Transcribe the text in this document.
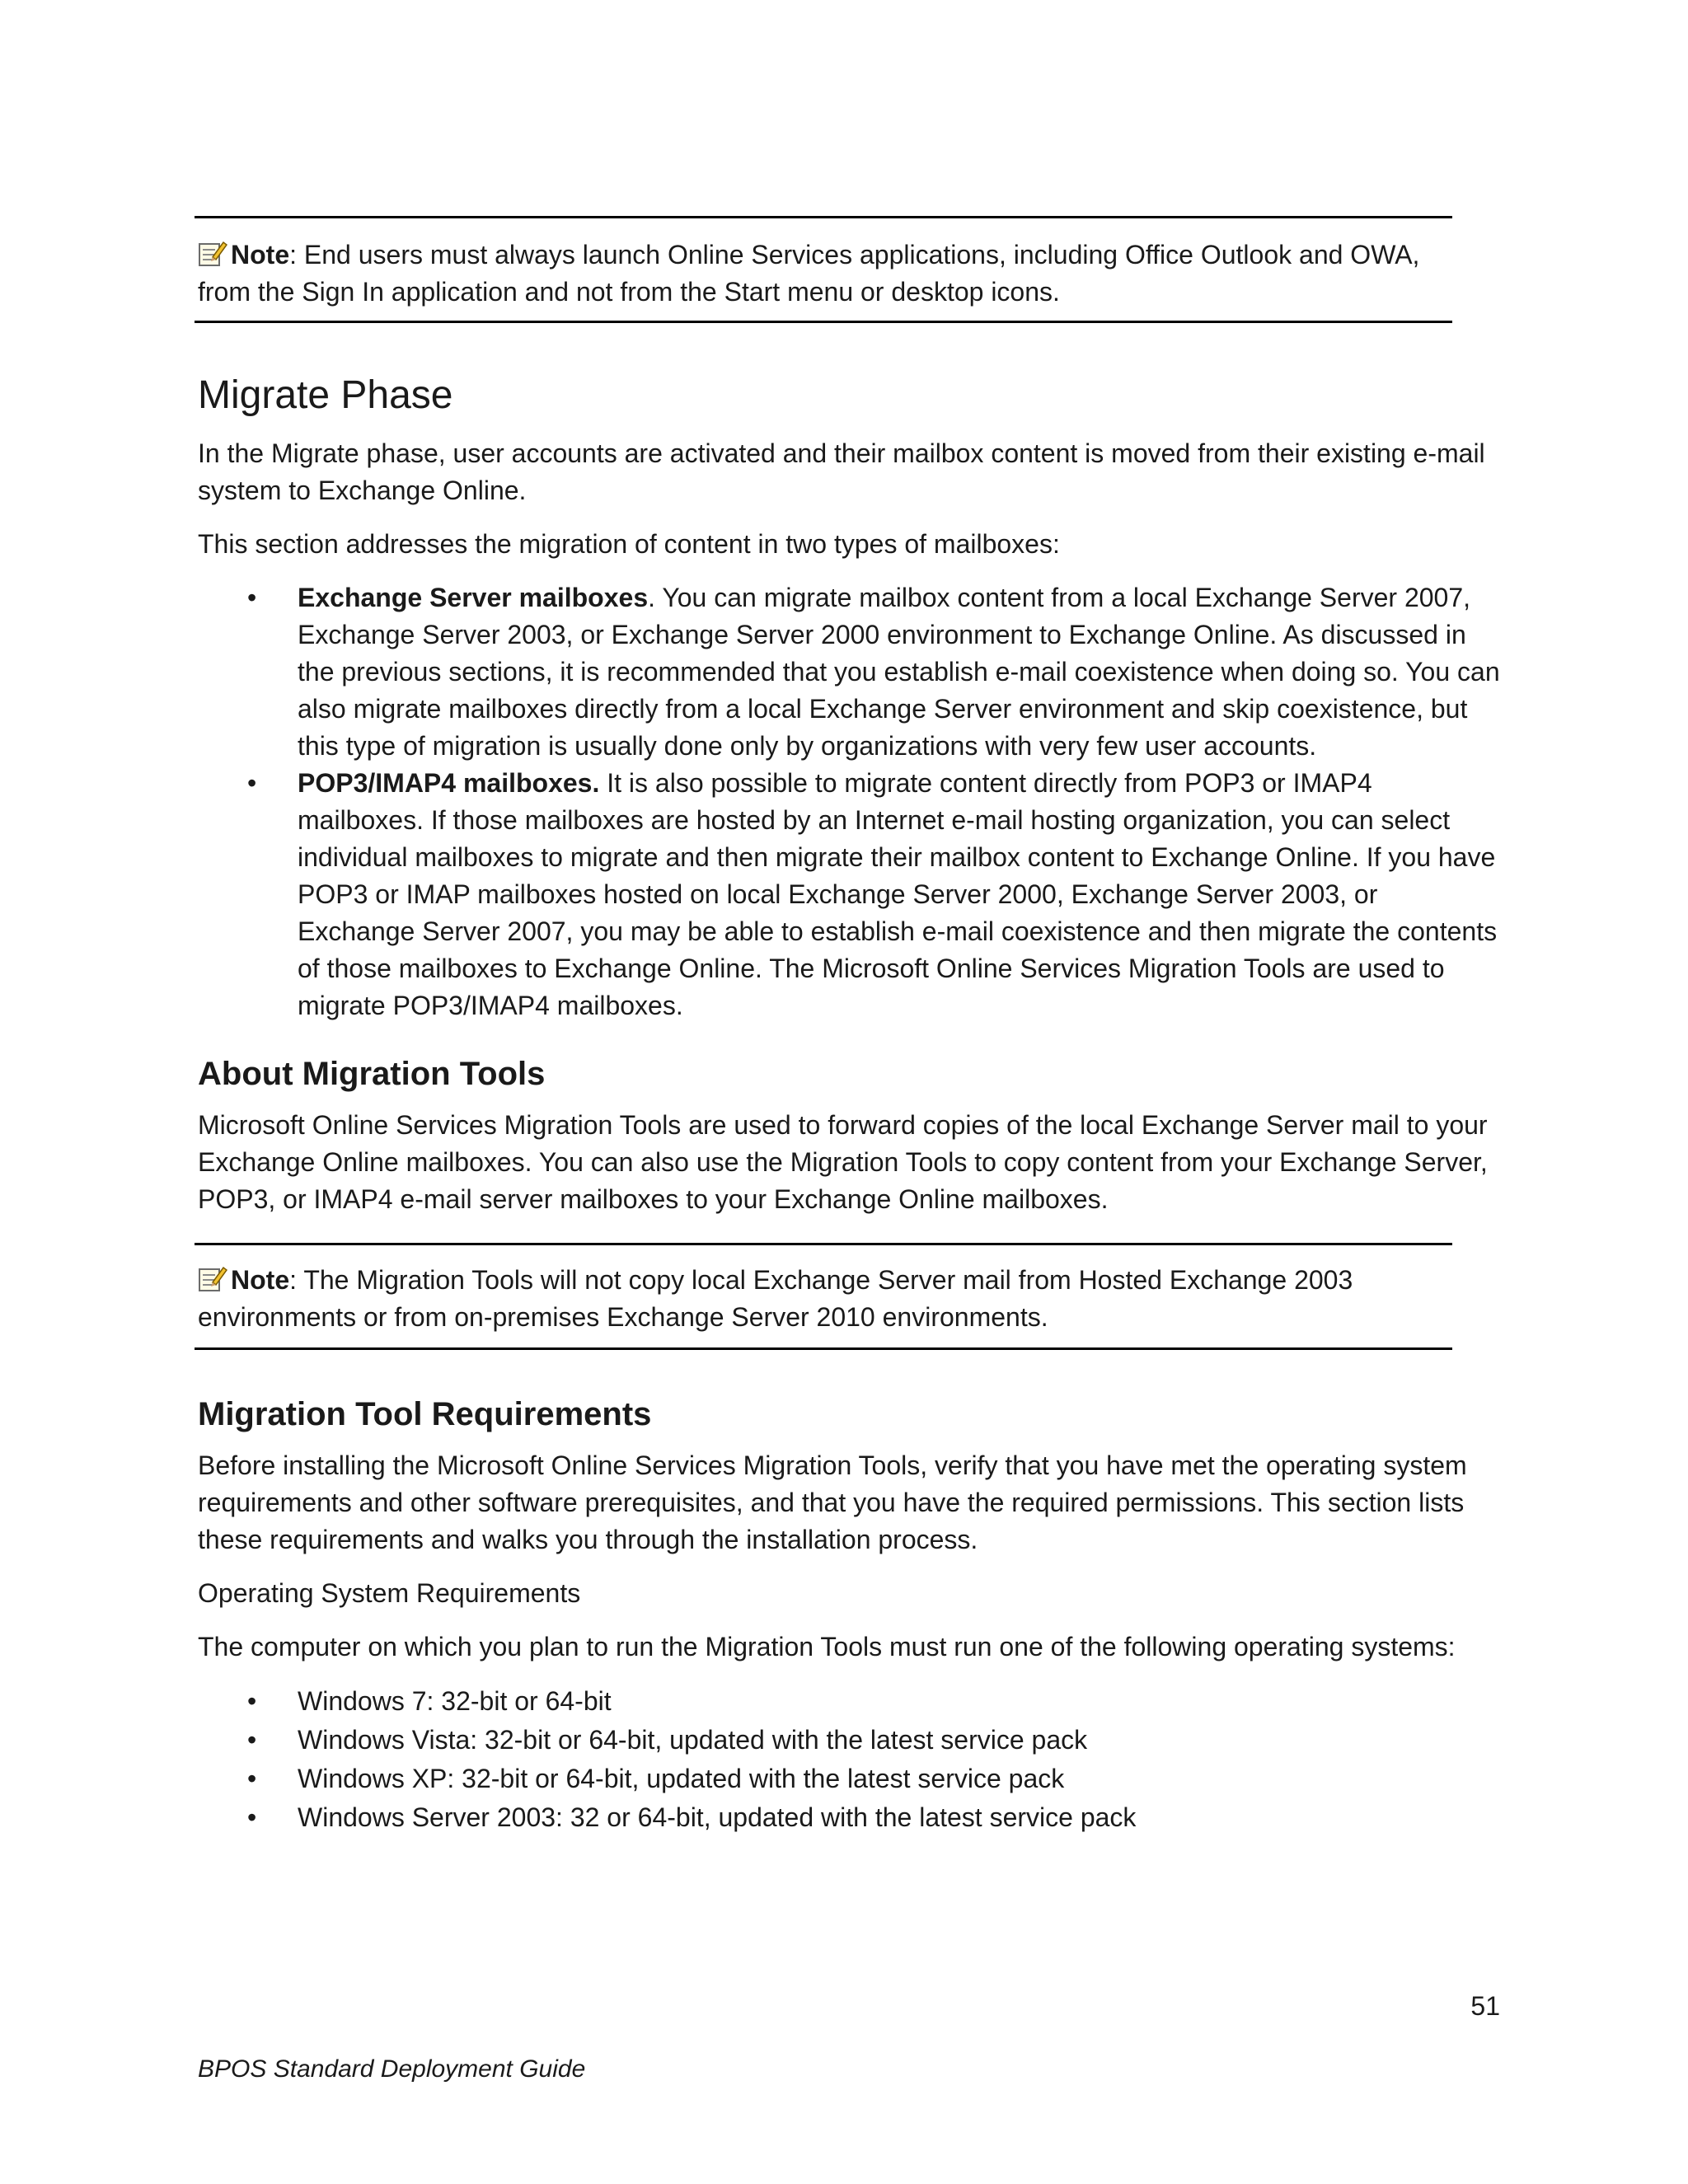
Note: End users must always launch Online Services applications, including Office Outlook and OWA, from the Sign In application and not from the Start menu or desktop icons.
Migrate Phase

In the Migrate phase, user accounts are activated and their mailbox content is moved from their existing e-mail system to Exchange Online.

This section addresses the migration of content in two types of mailboxes:

• Exchange Server mailboxes. You can migrate mailbox content from a local Exchange Server 2007, Exchange Server 2003, or Exchange Server 2000 environment to Exchange Online. As discussed in the previous sections, it is recommended that you establish e-mail coexistence when doing so. You can also migrate mailboxes directly from a local Exchange Server environment and skip coexistence, but this type of migration is usually done only by organizations with very few user accounts.
• POP3/IMAP4 mailboxes. It is also possible to migrate content directly from POP3 or IMAP4 mailboxes. If those mailboxes are hosted by an Internet e-mail hosting organization, you can select individual mailboxes to migrate and then migrate their mailbox content to Exchange Online. If you have POP3 or IMAP mailboxes hosted on local Exchange Server 2000, Exchange Server 2003, or Exchange Server 2007, you may be able to establish e-mail coexistence and then migrate the contents of those mailboxes to Exchange Online. The Microsoft Online Services Migration Tools are used to migrate POP3/IMAP4 mailboxes.
About Migration Tools

Microsoft Online Services Migration Tools are used to forward copies of the local Exchange Server mail to your Exchange Online mailboxes. You can also use the Migration Tools to copy content from your Exchange Server, POP3, or IMAP4 e-mail server mailboxes to your Exchange Online mailboxes.

Note: The Migration Tools will not copy local Exchange Server mail from Hosted Exchange 2003 environments or from on-premises Exchange Server 2010 environments.
Migration Tool Requirements

Before installing the Microsoft Online Services Migration Tools, verify that you have met the operating system requirements and other software prerequisites, and that you have the required permissions. This section lists these requirements and walks you through the installation process.

Operating System Requirements

The computer on which you plan to run the Migration Tools must run one of the following operating systems:

• Windows 7: 32-bit or 64-bit
• Windows Vista: 32-bit or 64-bit, updated with the latest service pack
• Windows XP: 32-bit or 64-bit, updated with the latest service pack
• Windows Server 2003: 32 or 64-bit, updated with the latest service pack
51
BPOS Standard Deployment Guide
